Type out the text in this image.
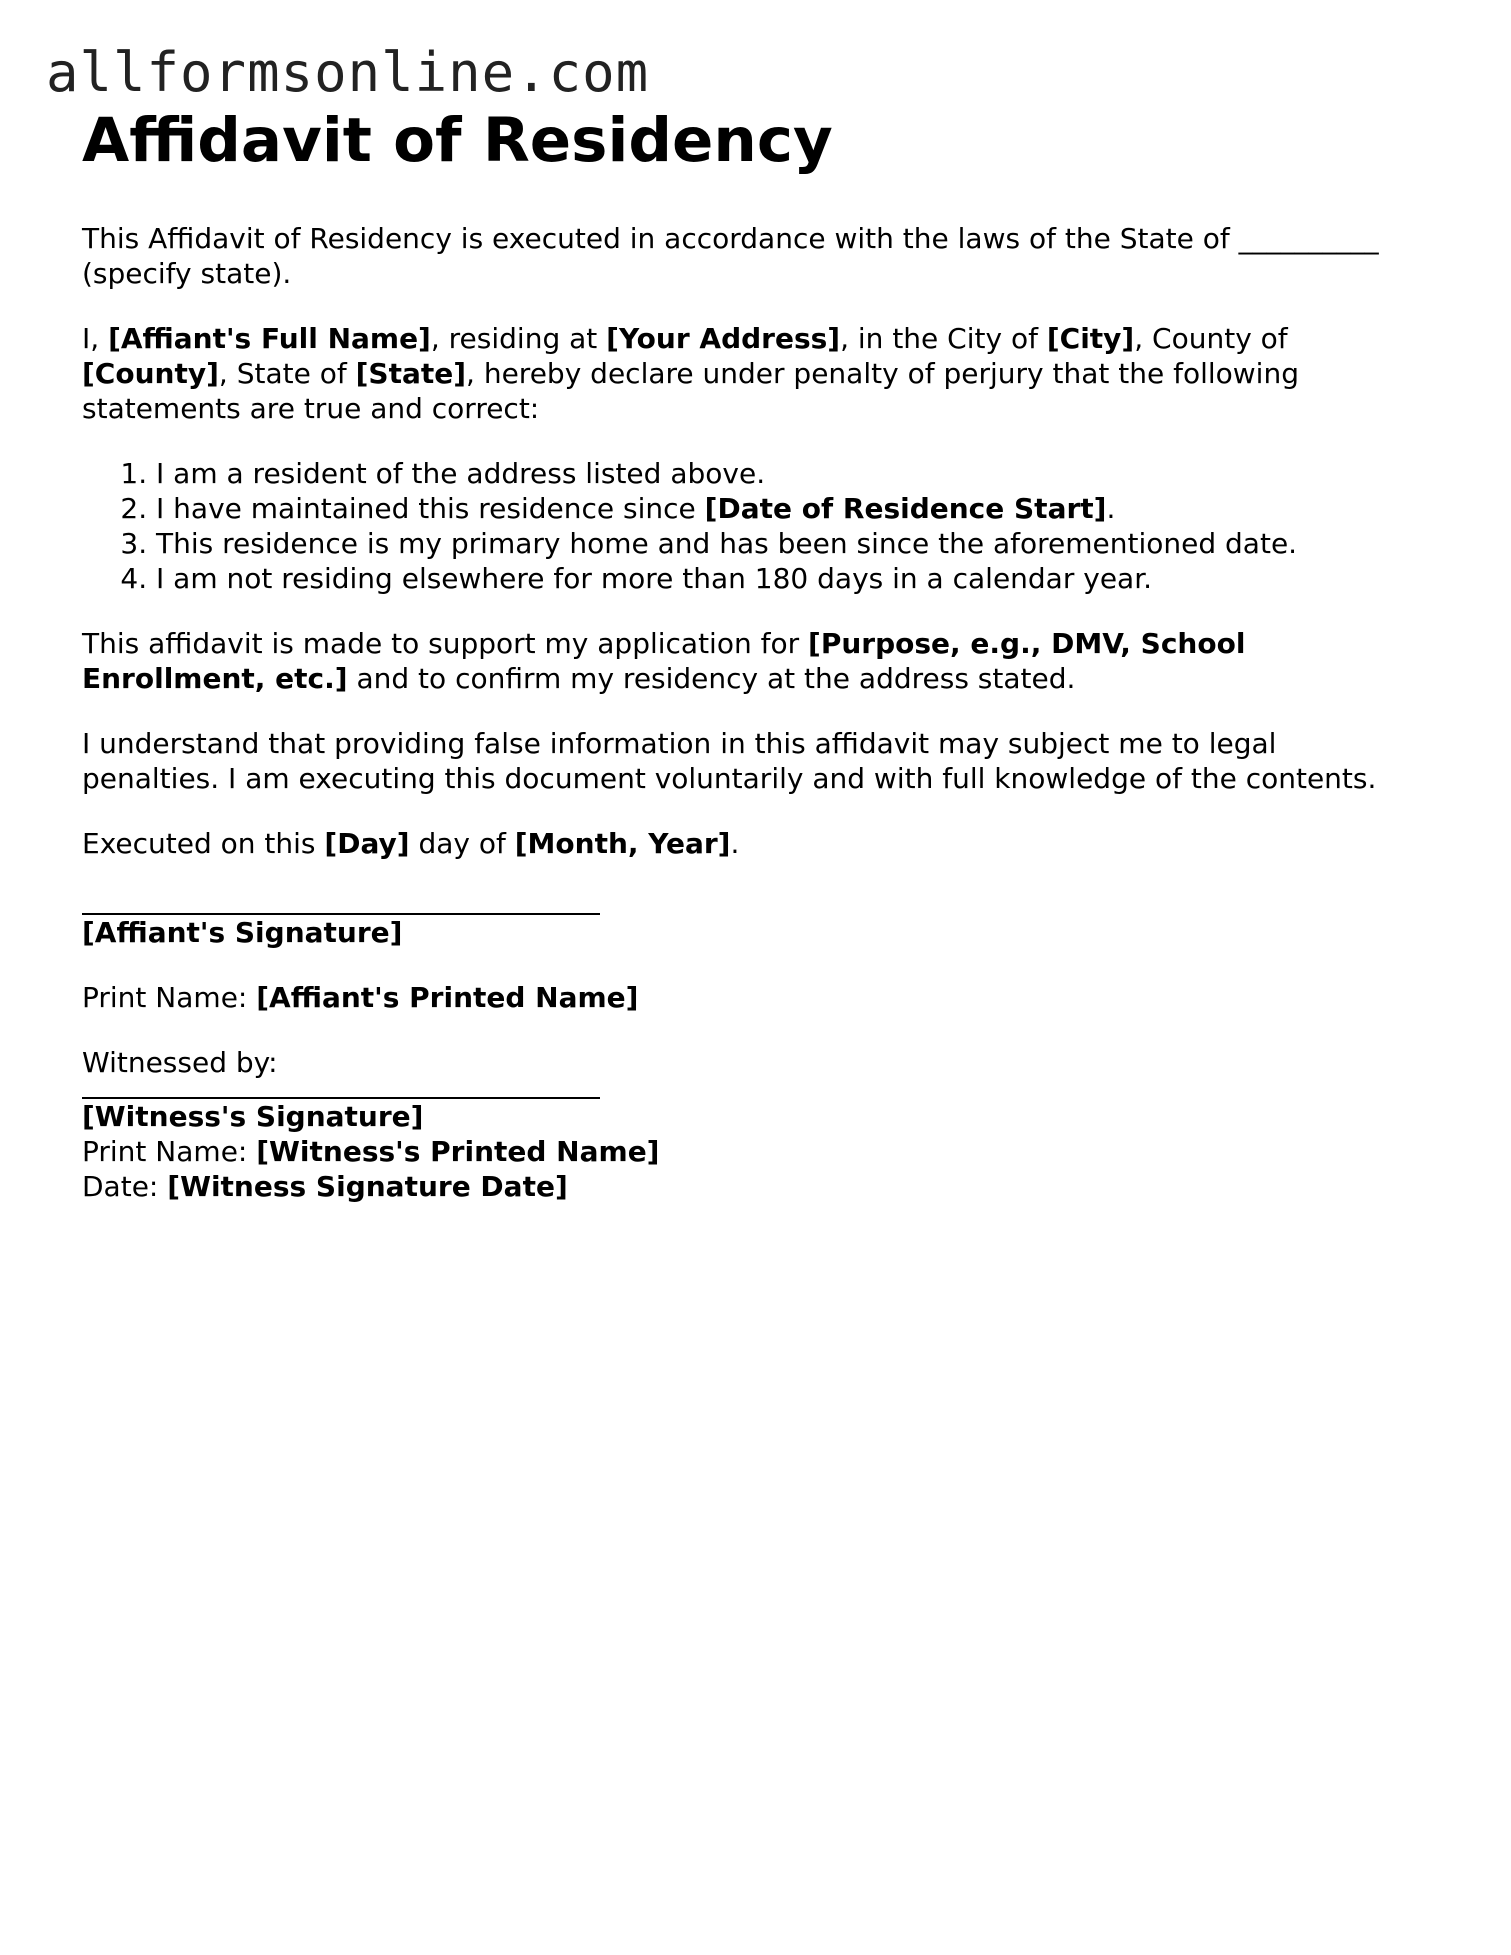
allformsonline.com
Affidavit of Residency

This Affidavit of Residency is executed in accordance with the laws of the State of __________ (specify state).

I, [Affiant's Full Name], residing at [Your Address], in the City of [City], County of [County], State of [State], hereby declare under penalty of perjury that the following statements are true and correct:

1. I am a resident of the address listed above.
2. I have maintained this residence since [Date of Residence Start].
3. This residence is my primary home and has been since the aforementioned date.
4. I am not residing elsewhere for more than 180 days in a calendar year.

This affidavit is made to support my application for [Purpose, e.g., DMV, School Enrollment, etc.] and to confirm my residency at the address stated.

I understand that providing false information in this affidavit may subject me to legal penalties. I am executing this document voluntarily and with full knowledge of the contents.

Executed on this [Day] day of [Month, Year].

[Affiant's Signature]

Print Name: [Affiant's Printed Name]

Witnessed by:

[Witness's Signature]

Print Name: [Witness's Printed Name]

Date: [Witness Signature Date]
